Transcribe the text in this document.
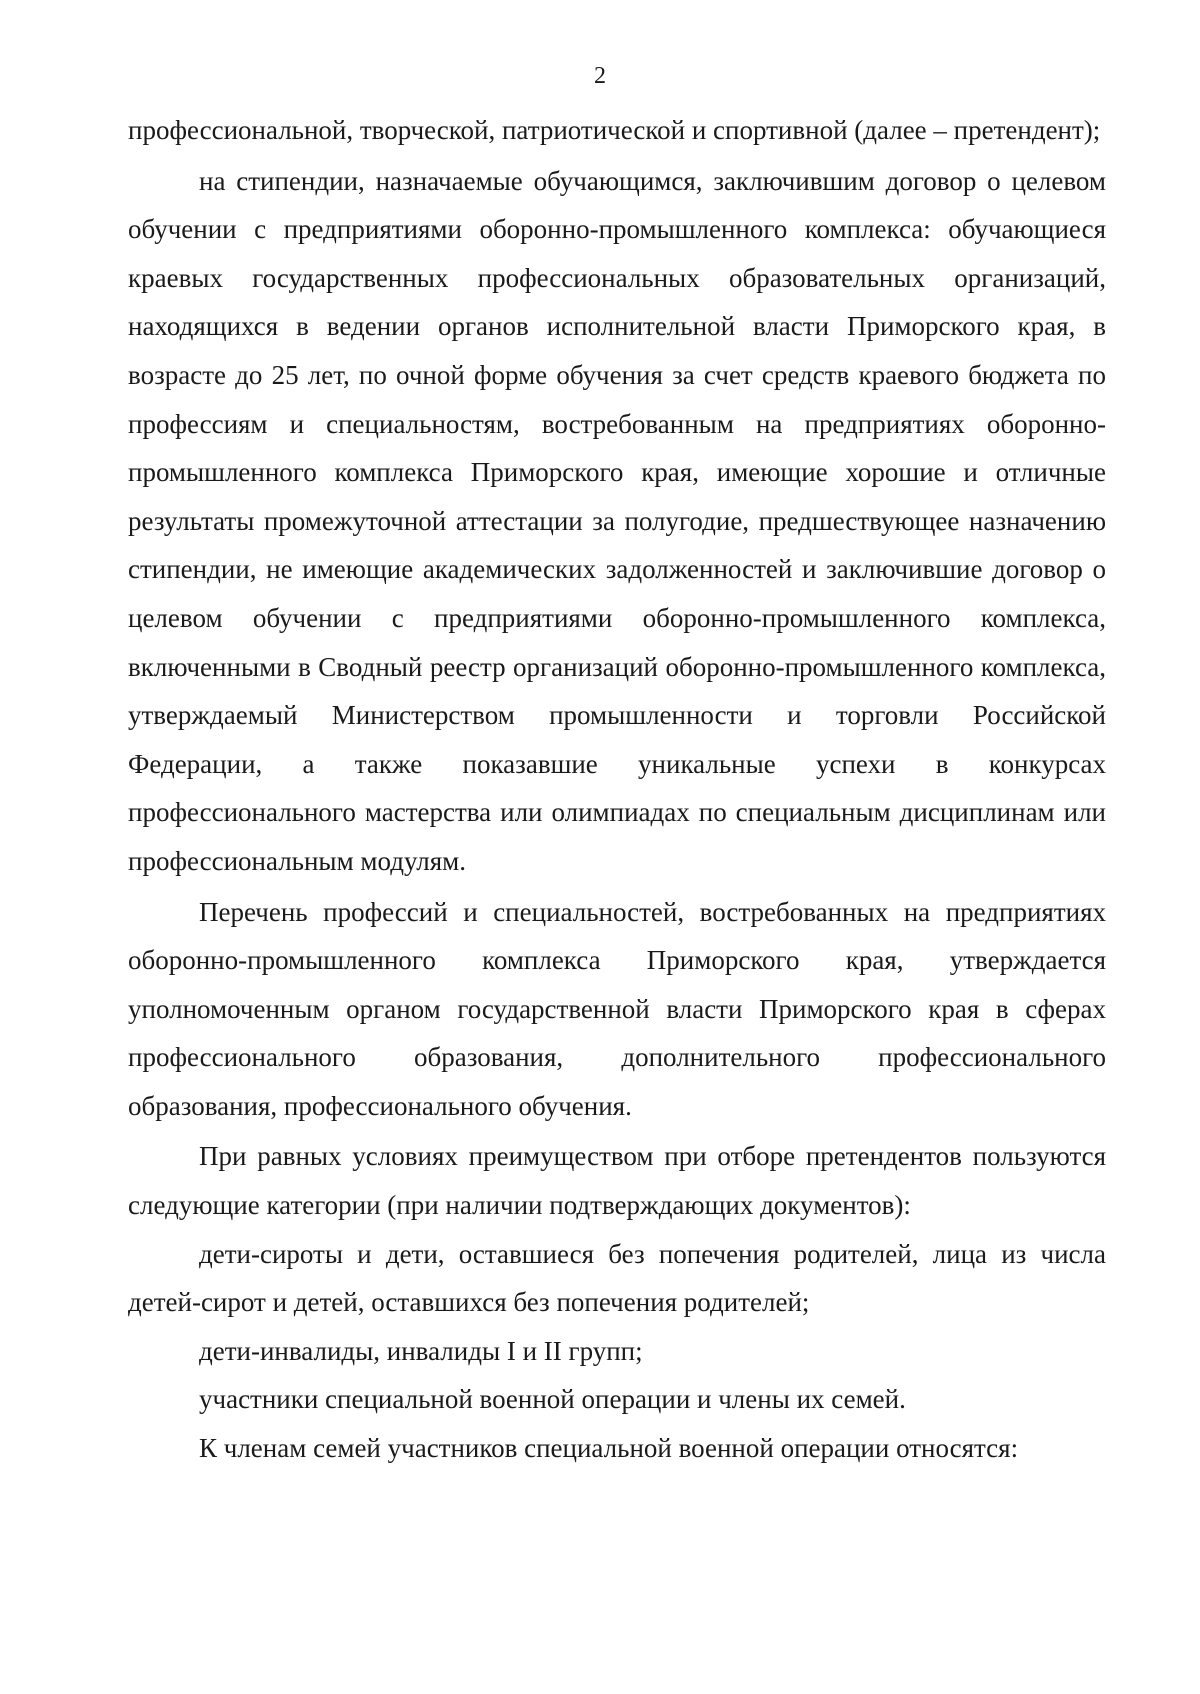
2

профессиональной, творческой, патриотической и спортивной (далее – претендент);

на стипендии, назначаемые обучающимся, заключившим договор о целевом обучении с предприятиями оборонно-промышленного комплекса: обучающиеся краевых государственных профессиональных образовательных организаций, находящихся в ведении органов исполнительной власти Приморского края, в возрасте до 25 лет, по очной форме обучения за счет средств краевого бюджета по профессиям и специальностям, востребованным на предприятиях оборонно-промышленного комплекса Приморского края, имеющие хорошие и отличные результаты промежуточной аттестации за полугодие, предшествующее назначению стипендии, не имеющие академических задолженностей и заключившие договор о целевом обучении с предприятиями оборонно-промышленного комплекса, включенными в Сводный реестр организаций оборонно-промышленного комплекса, утверждаемый Министерством промышленности и торговли Российской Федерации, а также показавшие уникальные успехи в конкурсах профессионального мастерства или олимпиадах по специальным дисциплинам или профессиональным модулям.

Перечень профессий и специальностей, востребованных на предприятиях оборонно-промышленного комплекса Приморского края, утверждается уполномоченным органом государственной власти Приморского края в сферах профессионального образования, дополнительного профессионального образования, профессионального обучения.

При равных условиях преимуществом при отборе претендентов пользуются следующие категории (при наличии подтверждающих документов):

дети-сироты и дети, оставшиеся без попечения родителей, лица из числа детей-сирот и детей, оставшихся без попечения родителей;

дети-инвалиды, инвалиды I и II групп;

участники специальной военной операции и члены их семей.

К членам семей участников специальной военной операции относятся:
